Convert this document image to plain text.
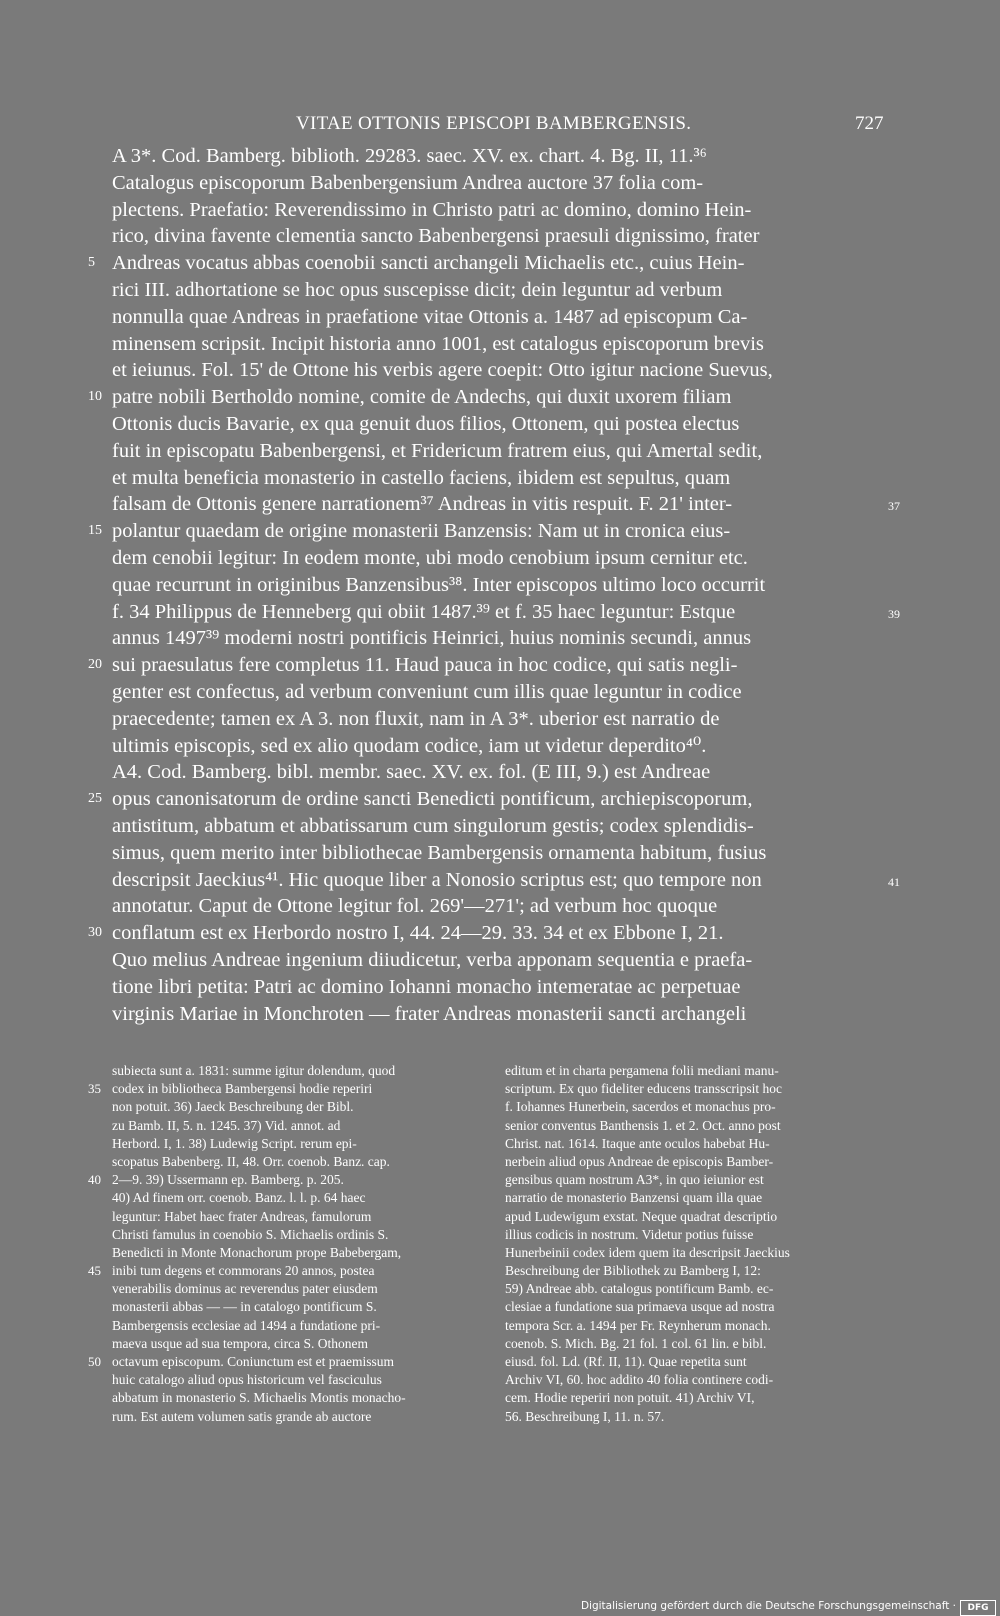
VITAE OTTONIS EPISCOPI BAMBERGENSIS.	727
A 3*. Cod. Bamberg. biblioth. 29283. saec. XV. ex. chart. 4. Bg. II, 11.³⁶
Catalogus episcoporum Babenbergensium Andrea auctore 37 folia com-
plectens. Praefatio: Reverendissimo in Christo patri ac domino, domino Hein-
rico, divina favente clementia sancto Babenbergensi praesuli dignissimo, frater
5 Andreas vocatus abbas coenobii sancti archangeli Michaelis etc., cuius Hein-
rici III. adhortatione se hoc opus suscepisse dicit; dein leguntur ad verbum
nonnulla quae Andreas in praefatione vitae Ottonis a. 1487 ad episcopum Ca-
minensem scripsit. Incipit historia anno 1001, est catalogus episcoporum brevis
et ieiunus. Fol. 15' de Ottone his verbis agere coepit: Otto igitur nacione Suevus,
10 patre nobili Bertholdo nomine, comite de Andechs, qui duxit uxorem filiam
Ottonis ducis Bavarie, ex qua genuit duos filios, Ottonem, qui postea electus
fuit in episcopatu Babenbergensi, et Fridericum fratrem eius, qui Amertal sedit,
et multa beneficia monasterio in castello faciens, ibidem est sepultus, quam
falsam de Ottonis genere narrationem³⁷ Andreas in vitis respuit. F. 21' inter-
15 polantur quaedam de origine monasterii Banzensis: Nam ut in cronica eius-
dem cenobii legitur: In eodem monte, ubi modo cenobium ipsum cernitur etc.
quae recurrunt in originibus Banzensibus³⁸. Inter episcopos ultimo loco occurrit
f. 34 Philippus de Henneberg qui obiit 1487.³⁹ et f. 35 haec leguntur: Estque
annus 1497³⁹ moderni nostri pontificis Heinrici, huius nominis secundi, annus
20 sui praesulatus fere completus 11. Haud pauca in hoc codice, qui satis negli-
genter est confectus, ad verbum conveniunt cum illis quae leguntur in codice
praecedente; tamen ex A 3. non fluxit, nam in A 3*. uberior est narratio de
ultimis episcopis, sed ex alio quodam codice, iam ut videtur deperdito⁴⁰.
A4. Cod. Bamberg. bibl. membr. saec. XV. ex. fol. (E III, 9.) est Andreae
25 opus canonisatorum de ordine sancti Benedicti pontificum, archiepiscoporum,
antistitum, abbatum et abbatissarum cum singulorum gestis; codex splendidis-
simus, quem merito inter bibliothecae Bambergensis ornamenta habitum, fusius
descripsit Jaeckius⁴¹. Hic quoque liber a Nonosio scriptus est; quo tempore non
annotatur. Caput de Ottone legitur fol. 269'—271'; ad verbum hoc quoque
30 conflatum est ex Herbordo nostro I, 44. 24—29. 33. 34 et ex Ebbone I, 21.
Quo melius Andreae ingenium diiudicetur, verba apponam sequentia e praefa-
tione libri petita: Patri ac domino Iohanni monacho intemeratae ac perpetuae
virginis Mariae in Monchroten — frater Andreas monasterii sancti archangeli
37
39
41
subiecta sunt a. 1831: summe igitur dolendum, quod
35 codex in bibliotheca Bambergensi hodie reperiri
non potuit. 36) Jaeck Beschreibung der Bibl.
zu Bamb. II, 5. n. 1245. 37) Vid. annot. ad
Herbord. I, 1. 38) Ludewig Script. rerum epi-
scopatus Babenberg. II, 48. Orr. coenob. Banz. cap.
40 2—9. 39) Ussermann ep. Bamberg. p. 205.
40) Ad finem orr. coenob. Banz. l. l. p. 64 haec
leguntur: Habet haec frater Andreas, famulorum
Christi famulus in coenobio S. Michaelis ordinis S.
Benedicti in Monte Monachorum prope Babebergam,
45 inibi tum degens et commorans 20 annos, postea
venerabilis dominus ac reverendus pater eiusdem
monasterii abbas — — in catalogo pontificum S.
Bambergensis ecclesiae ad 1494 a fundatione pri-
maeva usque ad sua tempora, circa S. Othonem
50 octavum episcopum. Coniunctum est et praemissum
huic catalogo aliud opus historicum vel fasciculus
abbatum in monasterio S. Michaelis Montis monacho-
rum. Est autem volumen satis grande ab auctore
editum et in charta pergamena folii mediani manu-
scriptum. Ex quo fideliter educens transscripsit hoc
f. Iohannes Hunerbein, sacerdos et monachus pro-
senior conventus Banthensis 1. et 2. Oct. anno post
Christ. nat. 1614. Itaque ante oculos habebat Hu-
nerbein aliud opus Andreae de episcopis Bamber-
gensibus quam nostrum A3*, in quo ieiunior est
narratio de monasterio Banzensi quam illa quae
apud Ludewigum exstat. Neque quadrat descriptio
illius codicis in nostrum. Videtur potius fuisse
Hunerbeinii codex idem quem ita descripsit Jaeckius
Beschreibung der Bibliothek zu Bamberg I, 12:
59) Andreae abb. catalogus pontificum Bamb. ec-
clesiae a fundatione sua primaeva usque ad nostra
tempora Scr. a. 1494 per Fr. Reynherum monach.
coenob. S. Mich. Bg. 21 fol. 1 col. 61 lin. e bibl.
eiusd. fol. Ld. (Rf. II, 11). Quae repetita sunt
Archiv VI, 60. hoc addito 40 folia continere codi-
cem. Hodie reperiri non potuit. 41) Archiv VI,
56. Beschreibung I, 11. n. 57.
Digitalisierung gefördert durch die Deutsche Forschungsgemeinschaft ·	DFG
